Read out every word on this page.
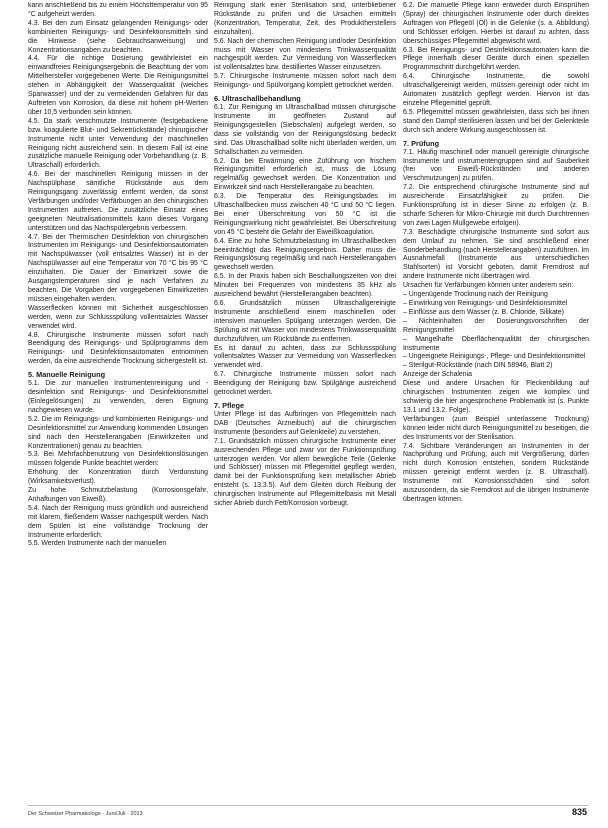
kann anschließend bis zu einem Höchsttemperatur von 95 °C aufgeheizt werden.

4.3. Bei den zum Einsatz gelangenden Reinigungs- oder kombinierten Reinigungs- und Desinfektionsmitteln sind die Hinweise (siehe Gebrauchsanweisung) und Konzentrationsangaben zu beachten.

4.4. Für die richtige Dosierung gewährleistet ein einwandfreies Reinigungsergebnis die Beachtung der vom Mittelhersteller vorgegebenen Werte. Die Reinigungsmittel stehen in Abhängigkeit der Wasserqualität (weiches Sparwasser) und der zu vermeidenden Gefahren für das Auftreten von Korrosion, da diese mit hohem pH-Werten über 10,5 verbunden sein können.

4.5. Da stark verschmutzte Instrumente (festgebackene bzw. koagulierte Blut- und Sekretrückstände) chirurgischer Instrumente nicht unter Verwendung der maschinellen Reinigung nicht ausreichend sein. In diesem Fall ist eine zusätzliche manuelle Reinigung oder Vorbehandlung (z. B. Ultraschall) erforderlich.

4.6. Bei der maschinellen Reinigung müssen in der Nachspülphase sämtliche Rückstände aus dem Reinigungsgang zuverlässig entfernt werden, da sonst Verfärbungen und/oder Verfärbungen an den chirurgischen Instrumenten auftreten. Die zusätzliche Einsatz eines geeigneten Neutralisationsmittels kann dieses Vorgang unterstützen und das Nachspülergebnis verbessern.

4.7. Bei der Thermischen Desinfektion von chirurgischen Instrumenten im Reinigungs- und Desinfektionsautomaten mit Nachspülwasser (voll entsalztes Wasser) ist in der Nachspülwasser auf eine Temperatur von 70 °C bis 95 °C einzuhalten. Die Dauer der Einwirkzeit sowie die Ausgangstemperaturen sind je nach Verfahren zu beachten. Die Vorgaben der vorgegebenen Einwirkzeiten müssen eingehalten werden.

Wasserflecken können mit Sicherheit ausgeschlossen werden, wenn zur Schlussspülung vollentsalztes Wasser verwendet wird.

4.8. Chirurgische Instrumente müssen sofort nach Beendigung des Reinigungs- und Spülprogramms dem Reinigungs- und Desinfektionsautomaten entnommen werden, da eine ausreichende Trocknung sichergestellt ist.

5. Manuelle Reinigung

5.1. Die zur manuellen Instrumentenreinigung und -desinfektion sind Reinigungs- und Desinfektionsmittel (Einlegelösungen) zu verwenden, deren Eignung nachgewiesen wurde.

5.2. Die im Reinigungs- und kombinierten Reinigungs- und Desinfektionsmittel zur Anwendung kommenden Lösungen sind nach den Herstellerangaben (Einwirkzeiten und Konzentrationen) genau zu beachten.

5.3. Bei Mehrfachbenutzung von Desinfektionslösungen müssen folgende Punkte beachtet werden:

Erhöhung der Konzentration durch Verdunstung (Wirksamkeitsverlust).

Zu hohe Schmutzbelastung (Korrosionsgefahr, Anhaftungen von Eiweiß).

5.4. Nach der Reinigung muss gründlich und ausreichend mit klarem, fließendem Wasser nachgespült werden. Nach dem Spülen ist eine vollständige Trocknung der Instrumente erforderlich.

5.5. Werden Instrumente nach der manuellen

Reinigung stark einer Sterilisation sind, unterbliebener Rückstände zu prüfen und die Ursachen ermitteln (Konzentration, Temperatur, Zeit, des Produktherstellers einzuhalten).

5.6. Nach der chemischen Reinigung und/oder Desinfektion muss mit Wasser von mindestens Trinkwasserqualität nachgespült werden. Zur Vermeidung von Wasserflecken ist vollentsalztes bzw. destilliertes Wasser einzusetzen.

5.7. Chirurgische Instrumente müssen sofort nach dem Reinigungs- und Spülvorgang komplett getrocknet werden.

6. Ultraschallbehandlung

6.1. Zur Reinigung im Ultraschallbad müssen chirurgische Instrumente im geöffneten Zustand auf Reinigungsgestellen (Siebschalen) aufgelegt werden, so dass sie vollständig von der Reinigungslösung bedeckt sind. Das Ultraschallbad sollte nicht überladen werden, um Schallschatten zu vermeiden.

6.2. Da bei Erwärmung eine Zuführung von frischem Reinigungsmittel erforderlich ist, muss die Lösung regelmäßig gewechselt werden. Die Konzentration und Einwirkzeit sind nach Herstellerangabe zu beachten.

6.3. Die Temperatur des Reinigungsbades im Ultraschallbecken muss zwischen 40 °C und 50 °C liegen. Bei einer Überschreitung von 50 °C ist die Reinigungswirkung nicht gewährleistet. Bei Überschreitung von 45 °C besteht die Gefahr der Eiweißkoagulation.

6.4. Eine zu hohe Schmutzbelastung im Ultraschallbecken beeinträchtigt das Reinigungsergebnis. Daher muss die Reinigungslösung regelmäßig und nach Herstellerangaben gewechselt werden.

6.5. In der Praxis haben sich Beschallungszeiten von drei Minuten bei Frequenzen von mindestens 35 kHz als ausreichend bewährt (Herstellerangaben beachten).

6.6. Grundsätzlich müssen Ultraschallgereinigte Instrumente anschließend einem maschinellen oder intensiven manuellen Spülgang unterzogen werden. Die Spülung ist mit Wasser von mindestens Trinkwasserqualität durchzuführen, um Rückstände zu entfernen.

Es ist darauf zu achten, dass zur Schlussspülung vollentsalztes Wasser zur Vermeidung von Wasserflecken verwendet wird.

6.7. Chirurgische Instrumente müssen sofort nach Beendigung der Reinigung bzw. Spülgänge ausreichend getrocknet werden.

7. Pflege

Unter Pflege ist das Aufbringen von Pflegemitteln nach DAB (Deutsches Arzneibuch) auf die chirurgischen Instrumente (besonders auf Gelenkteile) zu verstehen.

7.1. Grundsätzlich müssen chirurgische Instrumente einer ausreichenden Pflege und zwar vor der Funktionsprüfung unterzogen werden. Vor allem bewegliche Teile (Gelenke und Schlösser) müssen mit Pflegemittel gepflegt werden, damit bei der Funktionsprüfung kein metallischer Abrieb entsteht (s. 13.3.5). Auf dem Gleiten durch Reibung der chirurgischen Instrumente auf Pflegemittelbasis mit Metall sicher Abrieb durch Fett/Korrosion vorbeugt.

6.2. Die manuelle Pflege kann entweder durch Einsprühen (Spray) der chirurgischen Instrumente oder durch direktes Auftragen von Pflegeöl (Öl) in die Gelenke (s. a. Abbildung) und Schlösser erfolgen. Hierbei ist darauf zu achten, dass überschüssiges Pflegemittel abgewischt wird.

6.3. Bei Reinigungs- und Desinfektionsautomaten kann die Pflege innerhalb dieser Geräte durch einen speziellen Programmschritt durchgeführt werden.

6.4. Chirurgische Instrumente, die sowohl ultraschallgereinigt werden, müssen gereinigt oder nicht im Automaten zusätzlich gepflegt werden. Hiervon ist das einzelne Pflegemittel geprüft.

6.5. Pflegemittel müssen gewährleisten, dass sich bei ihnen stand den Dampf sterilisieren lassen und bei der Gelenkteile durch sich andere Wirkung ausgeschlossen ist.

7. Prüfung

7.1. Häufig maschinell oder manuell gereinigte chirurgische Instrumente und instrumentengruppen sind auf Sauberkeit (frei von Eiweiß-Rückständen und anderen Verschmutzungen) zu prüfen.

7.2. Die entsprechend chirurgische Instrumente sind auf ausreichende Einsatzfähigkeit zu prüfen. Die Funktionsprüfung ist in dieser Sinne zu erfolgen (z. B. scharfe Scheren für Mikro-Chirurgie mit durch Durchtrennen von zwei Lagen Mullgewebe erfolgen).

7.3. Beschädigte chirurgische Instrumente sind sofort aus dem Umlauf zu nehmen. Sie sind anschließend einer Sonderbehandlung (nach Herstellerangaben) zuzuführen. Im Ausnahmefall (Instrumente aus unterschiedlichen Stahlsorten) ist Vorsicht geboten, damit Fremdrost auf andere Instrumente nicht übertragen wird.

Ursachen für Verfärbungen können unter anderem sein:

– Ungenügende Trocknung nach der Reinigung

– Einwirkung von Reinigungs- und Desinfektionsmittel

– Einflüsse aus dem Wasser (z. B. Chloride, Silikate)

– Nichteinhalten der Dosierungsvorschriften der Reinigungsmittel

– Mangelhafte Oberflächenqualität der chirurgischen Instrumente

– Ungeeignete Reinigungs-, Pflege- und Desinfektionsmittel

– Sterilgut-Rückstände (nach DIN 58946, Blatt 2)

Anzeige der Schalenia

Diese und andere Ursachen für Fleckenbildung auf chirurgischen Instrumenten zeigen wie komplex und schwierig die hier angesprochene Problematik ist (s. Punkte 13.1 und 13.2. Folge).

Verfärbungen (zum Beispiel unterlassene Trocknung) können leider nicht durch Reinigungsmittel zu beseitigen, die des Instruments vor der Sterilisation.

7.4. Sichtbare Veränderungen an Instrumenten in der Nachprüfung und Prüfung, auch mit Vergrößerung, dürfen nicht durch Korrosion entstehen, sondern Rückstände müssen gereinigt entfernt werden (z. B. Ultraschall). Instrumente mit Korrosionsschäden sind sofort auszusondern, da sie Fremdrost auf die übrigen Instrumente übertragen können.

Der Schweizer Pharmakologe · Juni/Juli · 2013	835
